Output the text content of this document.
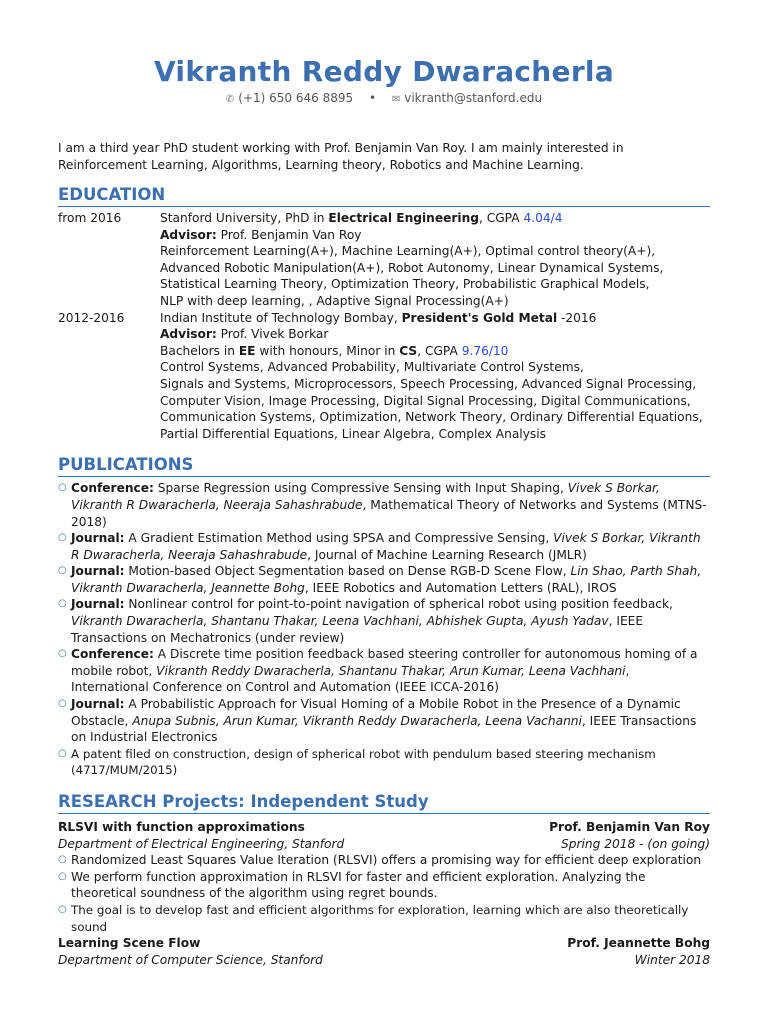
Vikranth Reddy Dwaracherla
✆ (+1) 650 646 8895 • ✉ vikranth@stanford.edu
I am a third year PhD student working with Prof. Benjamin Van Roy. I am mainly interested in Reinforcement Learning, Algorithms, Learning theory, Robotics and Machine Learning.
EDUCATION
from 2016	Stanford University, PhD in Electrical Engineering, CGPA 4.04/4
Advisor: Prof. Benjamin Van Roy
Reinforcement Learning(A+), Machine Learning(A+), Optimal control theory(A+),
Advanced Robotic Manipulation(A+), Robot Autonomy, Linear Dynamical Systems,
Statistical Learning Theory, Optimization Theory, Probabilistic Graphical Models,
NLP with deep learning, , Adaptive Signal Processing(A+)
2012-2016	Indian Institute of Technology Bombay, President's Gold Metal -2016
Advisor: Prof. Vivek Borkar
Bachelors in EE with honours, Minor in CS, CGPA 9.76/10
Control Systems, Advanced Probability, Multivariate Control Systems,
Signals and Systems, Microprocessors, Speech Processing, Advanced Signal Processing,
Computer Vision, Image Processing, Digital Signal Processing, Digital Communications,
Communication Systems, Optimization, Network Theory, Ordinary Differential Equations,
Partial Differential Equations, Linear Algebra, Complex Analysis
PUBLICATIONS
○ Conference: Sparse Regression using Compressive Sensing with Input Shaping, Vivek S Borkar, Vikranth R Dwaracherla, Neeraja Sahashrabude, Mathematical Theory of Networks and Systems (MTNS-2018)
○ Journal: A Gradient Estimation Method using SPSA and Compressive Sensing, Vivek S Borkar, Vikranth R Dwaracherla, Neeraja Sahashrabude, Journal of Machine Learning Research (JMLR)
○ Journal: Motion-based Object Segmentation based on Dense RGB-D Scene Flow, Lin Shao, Parth Shah, Vikranth Dwaracherla, Jeannette Bohg, IEEE Robotics and Automation Letters (RAL), IROS
○ Journal: Nonlinear control for point-to-point navigation of spherical robot using position feedback, Vikranth Dwaracherla, Shantanu Thakar, Leena Vachhani, Abhishek Gupta, Ayush Yadav, IEEE Transactions on Mechatronics (under review)
○ Conference: A Discrete time position feedback based steering controller for autonomous homing of a mobile robot, Vikranth Reddy Dwaracherla, Shantanu Thakar, Arun Kumar, Leena Vachhani, International Conference on Control and Automation (IEEE ICCA-2016)
○ Journal: A Probabilistic Approach for Visual Homing of a Mobile Robot in the Presence of a Dynamic Obstacle, Anupa Subnis, Arun Kumar, Vikranth Reddy Dwaracherla, Leena Vachanni, IEEE Transactions on Industrial Electronics
○ A patent filed on construction, design of spherical robot with pendulum based steering mechanism (4717/MUM/2015)
RESEARCH Projects: Independent Study
RLSVI with function approximations	Prof. Benjamin Van Roy
Department of Electrical Engineering, Stanford	Spring 2018 - (on going)
○ Randomized Least Squares Value Iteration (RLSVI) offers a promising way for efficient deep exploration
○ We perform function approximation in RLSVI for faster and efficient exploration. Analyzing the theoretical soundness of the algorithm using regret bounds.
○ The goal is to develop fast and efficient algorithms for exploration, learning which are also theoretically sound
Learning Scene Flow	Prof. Jeannette Bohg
Department of Computer Science, Stanford	Winter 2018
